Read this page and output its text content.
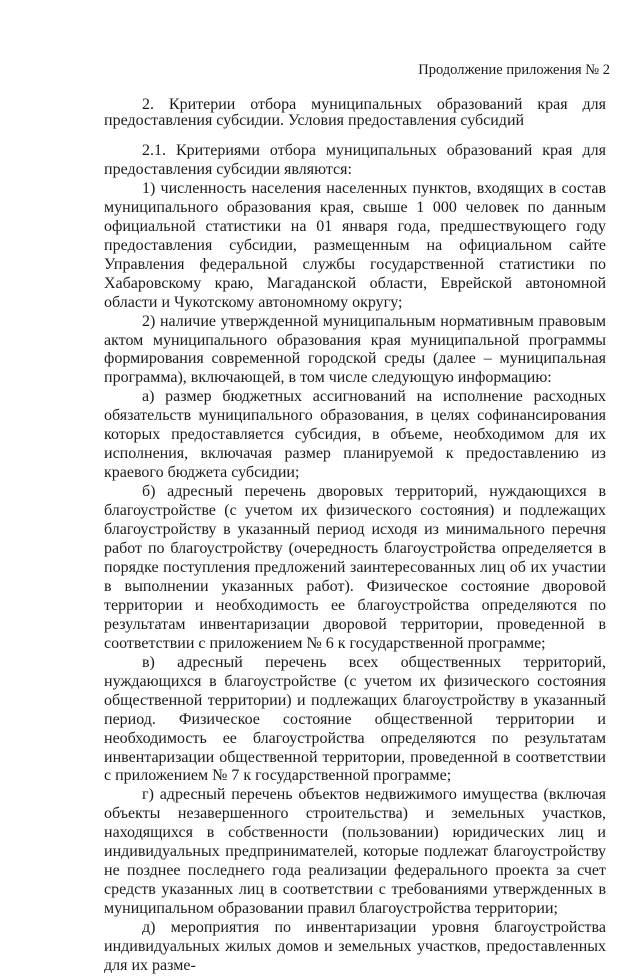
Продолжение приложения № 2

2. Критерии отбора муниципальных образований края для предоставления субсидии. Условия предоставления субсидий

2.1. Критериями отбора муниципальных образований края для предоставления субсидии являются:

1) численность населения населенных пунктов, входящих в состав муниципального образования края, свыше 1 000 человек по данным официальной статистики на 01 января года, предшествующего году предоставления субсидии, размещенным на официальном сайте Управления федеральной службы государственной статистики по Хабаровскому краю, Магаданской области, Еврейской автономной области и Чукотскому автономному округу;

2) наличие утвержденной муниципальным нормативным правовым актом муниципального образования края муниципальной программы формирования современной городской среды (далее – муниципальная программа), включающей, в том числе следующую информацию:

а) размер бюджетных ассигнований на исполнение расходных обязательств муниципального образования, в целях софинансирования которых предоставляется субсидия, в объеме, необходимом для их исполнения, включачая размер планируемой к предоставлению из краевого бюджета субсидии;

б) адресный перечень дворовых территорий, нуждающихся в благоустройстве (с учетом их физического состояния) и подлежащих благоустройству в указанный период исходя из минимального перечня работ по благоустройству (очередность благоустройства определяется в порядке поступления предложений заинтересованных лиц об их участии в выполнении указанных работ). Физическое состояние дворовой территории и необходимость ее благоустройства определяются по результатам инвентаризации дворовой территории, проведенной в соответствии с приложением № 6 к государственной программе;

в) адресный перечень всех общественных территорий, нуждающихся в благоустройстве (с учетом их физического состояния общественной территории) и подлежащих благоустройству в указанный период. Физическое состояние общественной территории и необходимость ее благоустройства определяются по результатам инвентаризации общественной территории, проведенной в соответствии с приложением № 7 к государственной программе;

г) адресный перечень объектов недвижимого имущества (включая объекты незавершенного строительства) и земельных участков, находящихся в собственности (пользовании) юридических лиц и индивидуальных предпринимателей, которые подлежат благоустройству не позднее последнего года реализации федерального проекта за счет средств указанных лиц в соответствии с требованиями утвержденных в муниципальном образовании правил благоустройства территории;

д) мероприятия по инвентаризации уровня благоустройства индивидуальных жилых домов и земельных участков, предоставленных для их разме-
